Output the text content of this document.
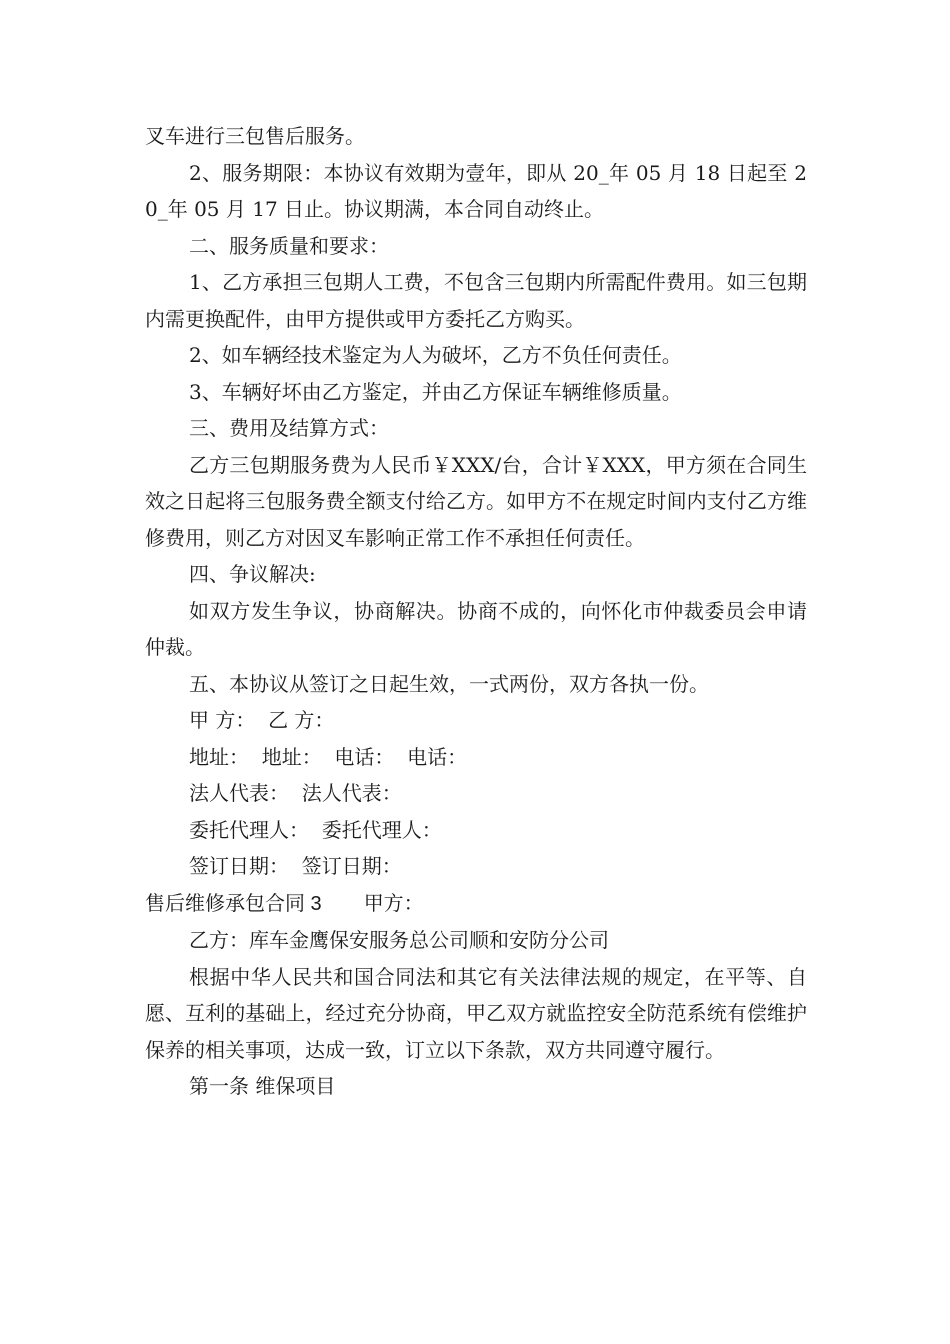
叉车进行三包售后服务。

2、服务期限：本协议有效期为壹年，即从 20_年 05 月 18 日起至 20_年 05 月 17 日止。协议期满，本合同自动终止。

二、服务质量和要求：

1、乙方承担三包期人工费，不包含三包期内所需配件费用。如三包期内需更换配件，由甲方提供或甲方委托乙方购买。

2、如车辆经技术鉴定为人为破坏，乙方不负任何责任。

3、车辆好坏由乙方鉴定，并由乙方保证车辆维修质量。

三、费用及结算方式：

乙方三包期服务费为人民币￥XXX/台，合计￥XXX，甲方须在合同生效之日起将三包服务费全额支付给乙方。如甲方不在规定时间内支付乙方维修费用，则乙方对因叉车影响正常工作不承担任何责任。

四、争议解决:

如双方发生争议，协商解决。协商不成的，向怀化市仲裁委员会申请仲裁。

五、本协议从签订之日起生效，一式两份，双方各执一份。

甲 方：  乙 方：

地址：  地址：  电话：  电话：

法人代表：  法人代表：

委托代理人：  委托代理人：

签订日期：  签订日期：

售后维修承包合同 3 甲方：

乙方：库车金鹰保安服务总公司顺和安防分公司

根据中华人民共和国合同法和其它有关法律法规的规定，在平等、自愿、互利的基础上，经过充分协商，甲乙双方就监控安全防范系统有偿维护保养的相关事项，达成一致，订立以下条款，双方共同遵守履行。

第一条 维保项目
